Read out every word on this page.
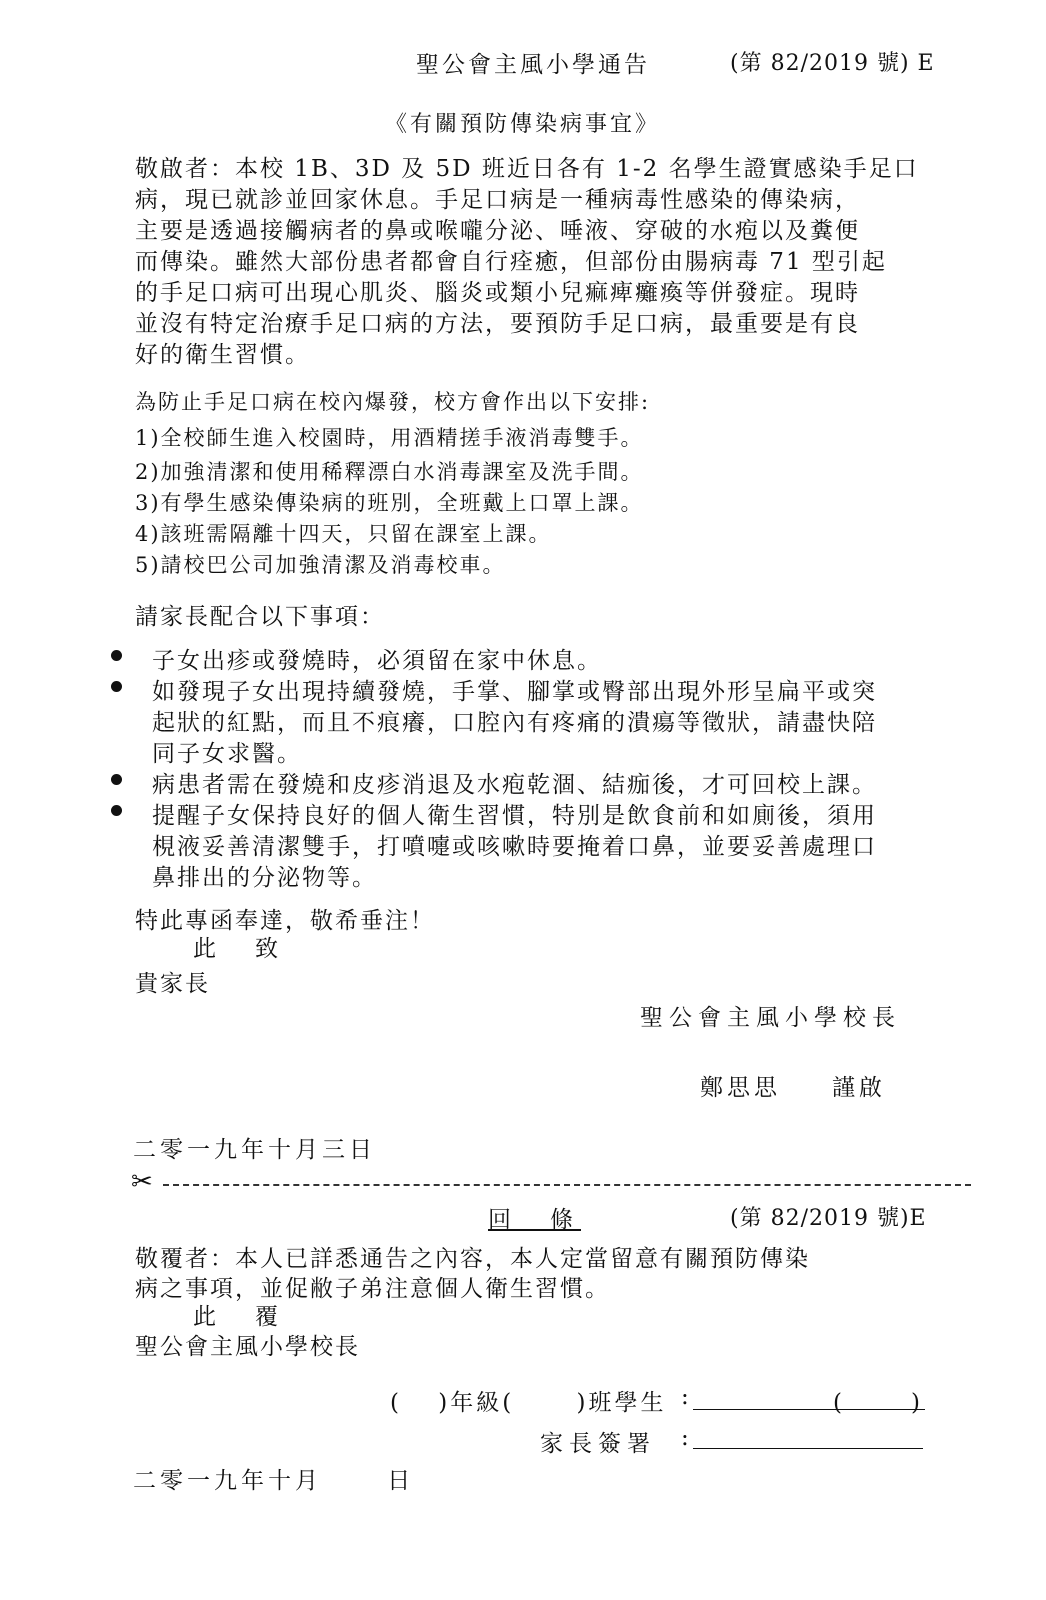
聖公會主風小學通告	(第 82/2019 號) E
《有關預防傳染病事宜》
敬啟者：本校 1B、3D 及 5D 班近日各有 1-2 名學生證實感染手足口
病，現已就診並回家休息。手足口病是一種病毒性感染的傳染病，
主要是透過接觸病者的鼻或喉嚨分泌、唾液、穿破的水疱以及糞便
而傳染。雖然大部份患者都會自行痊癒，但部份由腸病毒 71 型引起
的手足口病可出現心肌炎、腦炎或類小兒痲痺癱瘓等併發症。現時
並沒有特定治療手足口病的方法，要預防手足口病，最重要是有良
好的衛生習慣。
為防止手足口病在校內爆發，校方會作出以下安排:
1)全校師生進入校園時，用酒精搓手液消毒雙手。
2)加強清潔和使用稀釋漂白水消毒課室及洗手間。
3)有學生感染傳染病的班別，全班戴上口罩上課。
4)該班需隔離十四天，只留在課室上課。
5)請校巴公司加強清潔及消毒校車。
請家長配合以下事項：
子女出疹或發燒時，必須留在家中休息。
如發現子女出現持續發燒，手掌、腳掌或臀部出現外形呈扁平或突
起狀的紅點，而且不痕癢，口腔內有疼痛的潰瘍等徵狀，請盡快陪
同子女求醫。
病患者需在發燒和皮疹消退及水疱乾涸、結痂後，才可回校上課。
提醒子女保持良好的個人衛生習慣，特別是飲食前和如廁後，須用
梘液妥善清潔雙手，打噴嚏或咳嗽時要掩着口鼻，並要妥善處理口
鼻排出的分泌物等。
特此專函奉達，敬希垂注！
此　致
貴家長
聖公會主風小學校長
鄭思思 謹啟
二零一九年十月三日
✂
回　條	(第 82/2019 號)E
敬覆者：本人已詳悉通告之內容，本人定當留意有關預防傳染
病之事項，並促敝子弟注意個人衛生習慣。
此　覆
聖公會主風小學校長
(　 )年級(　　 )班學生 :	(　　　)
家長簽署 :
二零一九年十月　　 日
